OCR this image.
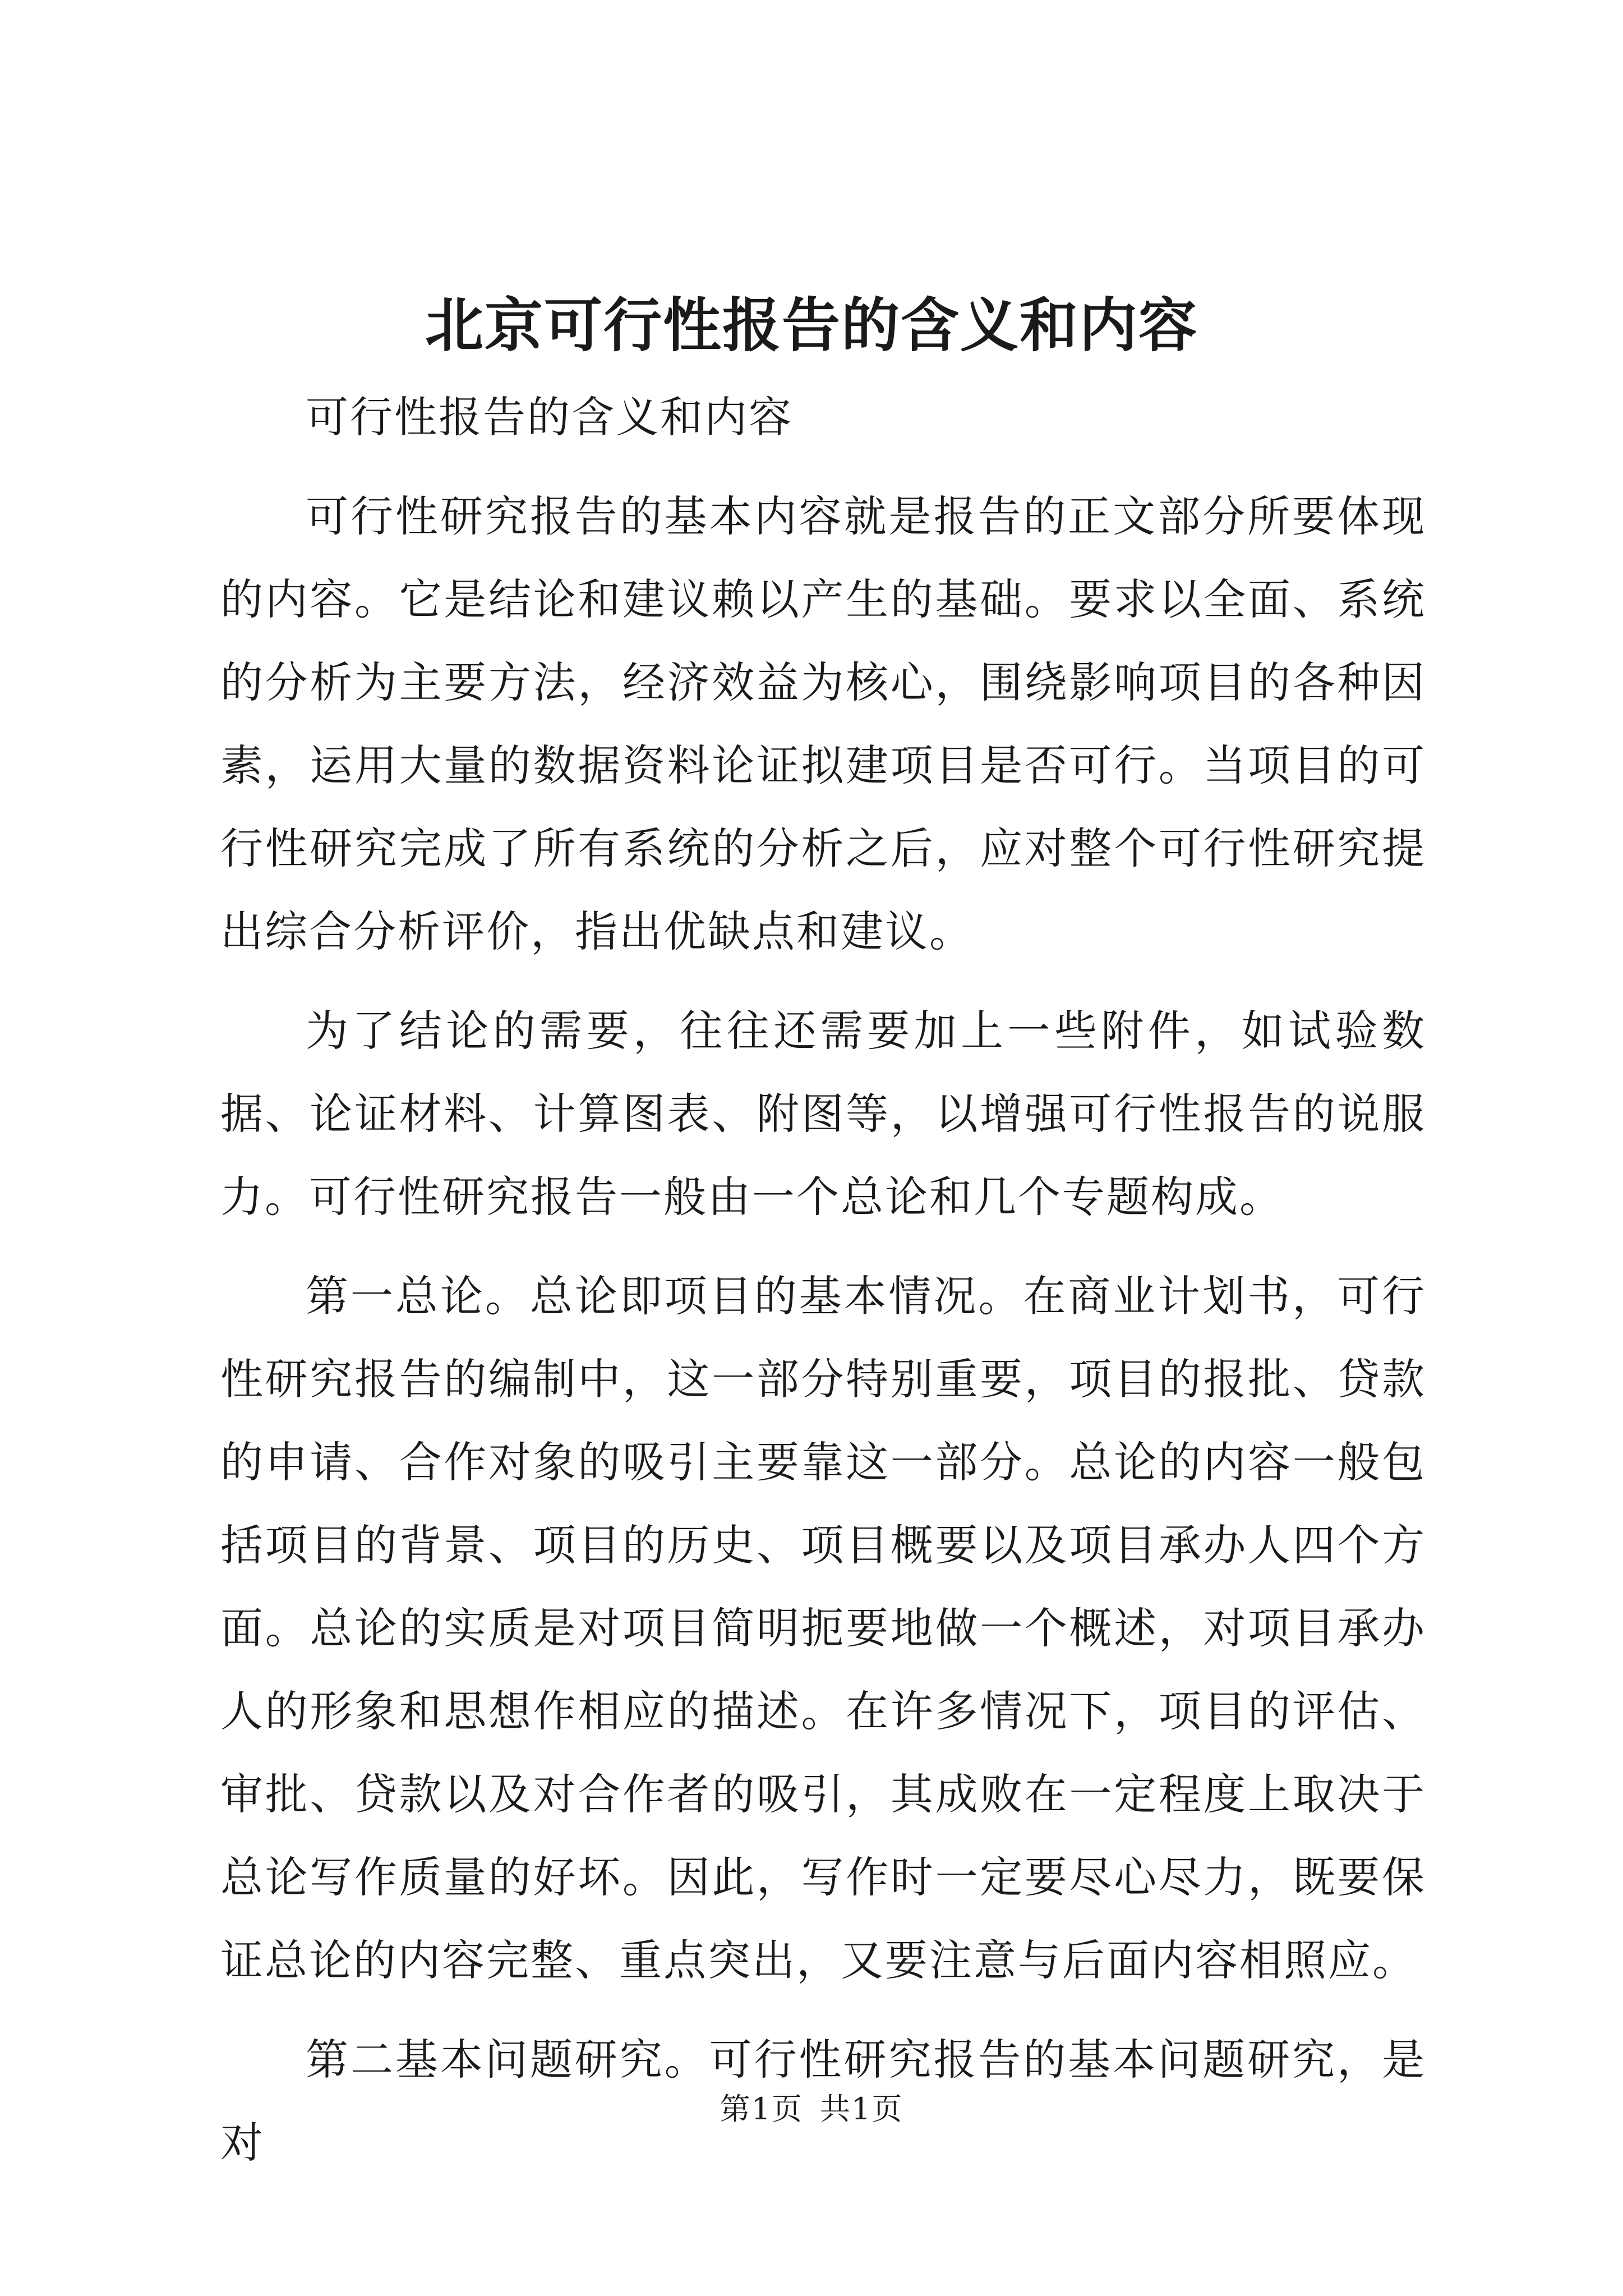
北京可行性报告的含义和内容

可行性报告的含义和内容

可行性研究报告的基本内容就是报告的正文部分所要体现的内容。它是结论和建议赖以产生的基础。要求以全面、系统的分析为主要方法，经济效益为核心，围绕影响项目的各种因素，运用大量的数据资料论证拟建项目是否可行。当项目的可行性研究完成了所有系统的分析之后，应对整个可行性研究提出综合分析评价，指出优缺点和建议。

为了结论的需要，往往还需要加上一些附件，如试验数据、论证材料、计算图表、附图等，以增强可行性报告的说服力。可行性研究报告一般由一个总论和几个专题构成。

第一总论。总论即项目的基本情况。在商业计划书，可行性研究报告的编制中，这一部分特别重要，项目的报批、贷款的申请、合作对象的吸引主要靠这一部分。总论的内容一般包括项目的背景、项目的历史、项目概要以及项目承办人四个方面。总论的实质是对项目简明扼要地做一个概述，对项目承办人的形象和思想作相应的描述。在许多情况下，项目的评估、审批、贷款以及对合作者的吸引，其成败在一定程度上取决于总论写作质量的好坏。因此，写作时一定要尽心尽力，既要保证总论的内容完整、重点突出，又要注意与后面内容相照应。

第二基本问题研究。可行性研究报告的基本问题研究，是对

第1页 共1页
